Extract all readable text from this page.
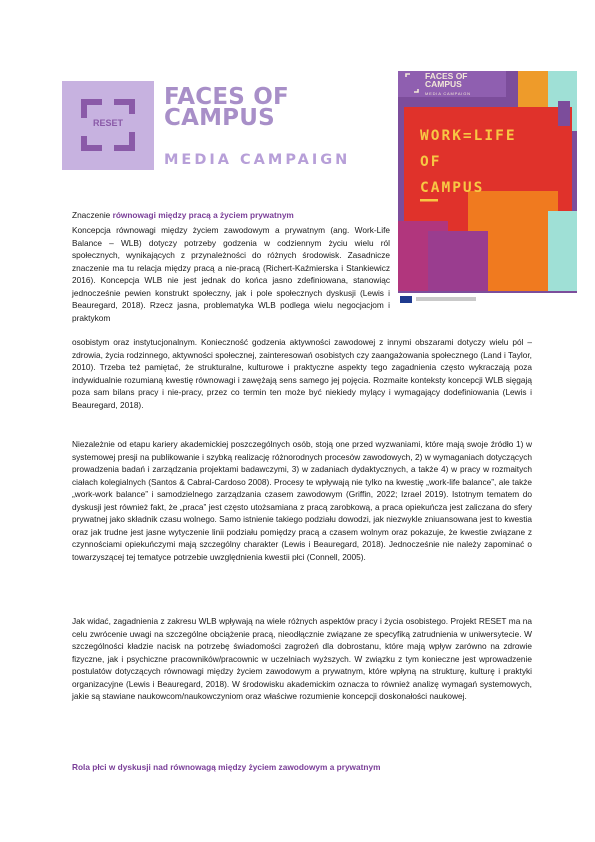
RESET
FACES OF
CAMPUS
MEDIA CAMPAIGN
FACES OF
CAMPUS
MEDIA CAMPAIGN
WORK=LIFE
OF
CAMPUS
Znaczenie równowagi między pracą a życiem prywatnym
Koncepcja równowagi między życiem zawodowym a prywatnym (ang. Work-Life Balance – WLB) dotyczy potrzeby godzenia w codziennym życiu wielu ról społecznych, wynikających z przynależności do różnych środowisk. Zasadnicze znaczenie ma tu relacja między pracą a nie-pracą (Richert-Kaźmierska i Stankiewicz 2016). Koncepcja WLB nie jest jednak do końca jasno zdefiniowana, stanowiąc jednocześnie pewien konstrukt społeczny, jak i pole społecznych dyskusji (Lewis i Beauregard, 2018). Rzecz jasna, problematyka WLB podlega wielu negocjacjom i praktykom
osobistym oraz instytucjonalnym. Konieczność godzenia aktywności zawodowej z innymi obszarami dotyczy wielu pól – zdrowia, życia rodzinnego, aktywności społecznej, zainteresowań osobistych czy zaangażowania społecznego (Land i Taylor, 2010). Trzeba też pamiętać, że strukturalne, kulturowe i praktyczne aspekty tego zagadnienia często wykraczają poza indywidualnie rozumianą kwestię równowagi i zawężają sens samego jej pojęcia. Rozmaite konteksty koncepcji WLB sięgają poza sam bilans pracy i nie-pracy, przez co termin ten może być niekiedy mylący i wymagający dodefiniowania (Lewis i Beauregard, 2018).
Niezależnie od etapu kariery akademickiej poszczególnych osób, stoją one przed wyzwaniami, które mają swoje źródło 1) w systemowej presji na publikowanie i szybką realizację różnorodnych procesów zawodowych, 2) w wymaganiach dotyczących prowadzenia badań i zarządzania projektami badawczymi, 3) w zadaniach dydaktycznych, a także 4) w pracy w rozmaitych ciałach kolegialnych (Santos & Cabral-Cardoso 2008). Procesy te wpływają nie tylko na kwestię „work-life balance”, ale także „work-work balance” i samodzielnego zarządzania czasem zawodowym (Griffin, 2022; Izrael 2019). Istotnym tematem do dyskusji jest również fakt, że „praca” jest często utożsamiana z pracą zarobkową, a praca opiekuńcza jest zaliczana do sfery prywatnej jako składnik czasu wolnego. Samo istnienie takiego podziału dowodzi, jak niezwykle zniuansowana jest to kwestia oraz jak trudne jest jasne wytyczenie linii podziału pomiędzy pracą a czasem wolnym oraz pokazuje, że kwestie związane z czynnościami opiekuńczymi mają szczególny charakter (Lewis i Beauregard, 2018). Jednocześnie nie należy zapominać o towarzyszącej tej tematyce potrzebie uwzględnienia kwestii płci (Connell, 2005).
Jak widać, zagadnienia z zakresu WLB wpływają na wiele różnych aspektów pracy i życia osobistego. Projekt RESET ma na celu zwrócenie uwagi na szczególne obciążenie pracą, nieodłącznie związane ze specyfiką zatrudnienia w uniwersytecie. W szczególności kładzie nacisk na potrzebę świadomości zagrożeń dla dobrostanu, które mają wpływ zarówno na zdrowie fizyczne, jak i psychiczne pracowników/pracownic w uczelniach wyższych. W związku z tym konieczne jest wprowadzenie postulatów dotyczących równowagi między życiem zawodowym a prywatnym, które wpłyną na strukturę, kulturę i praktyki organizacyjne (Lewis i Beauregard, 2018). W środowisku akademickim oznacza to również analizę wymagań systemowych, jakie są stawiane naukowcom/naukowczyniom oraz właściwe rozumienie koncepcji doskonałości naukowej.
Rola płci w dyskusji nad równowagą między życiem zawodowym a prywatnym
